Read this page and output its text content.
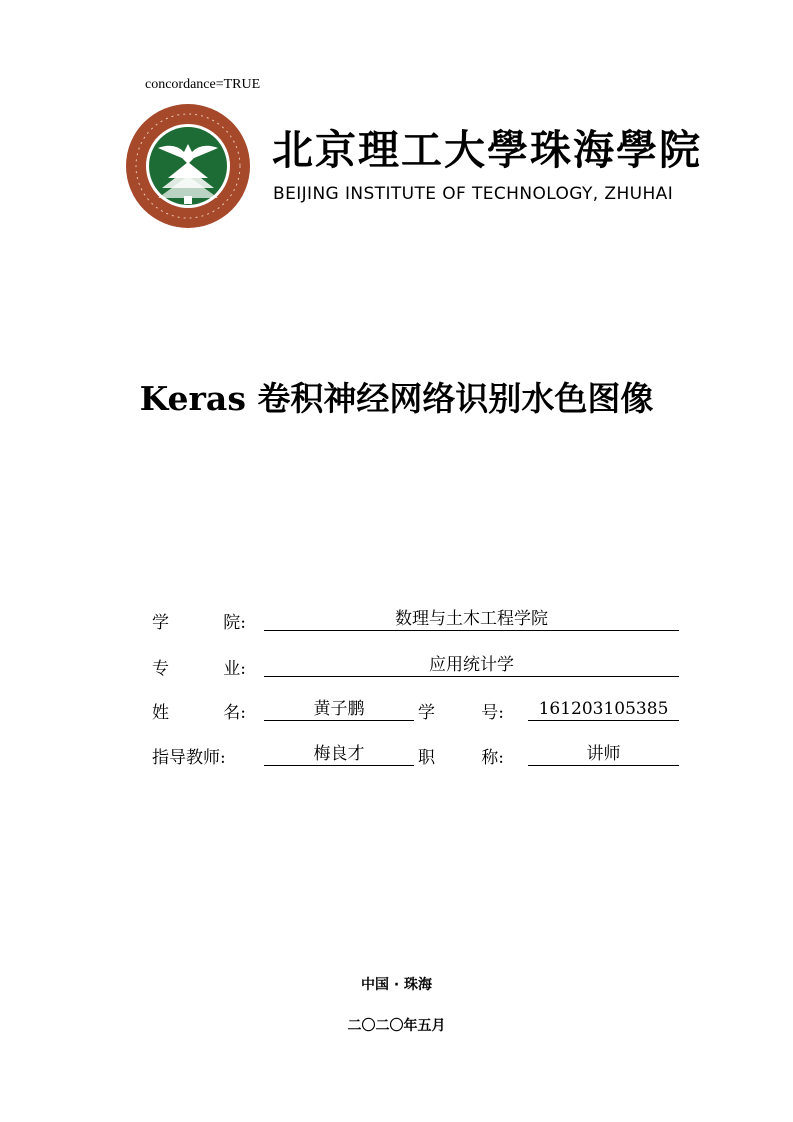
concordance=TRUE
北京理工大學珠海學院
BEIJING INSTITUTE OF TECHNOLOGY, ZHUHAI
Keras 卷积神经网络识别水色图像
学	院:	数理与土木工程学院
专	业:	应用统计学
姓	名:	黄子鹏	学	号:	161203105385
指导教师:	梅良才	职	称:	讲师
中国 · 珠海
二〇二〇年五月
